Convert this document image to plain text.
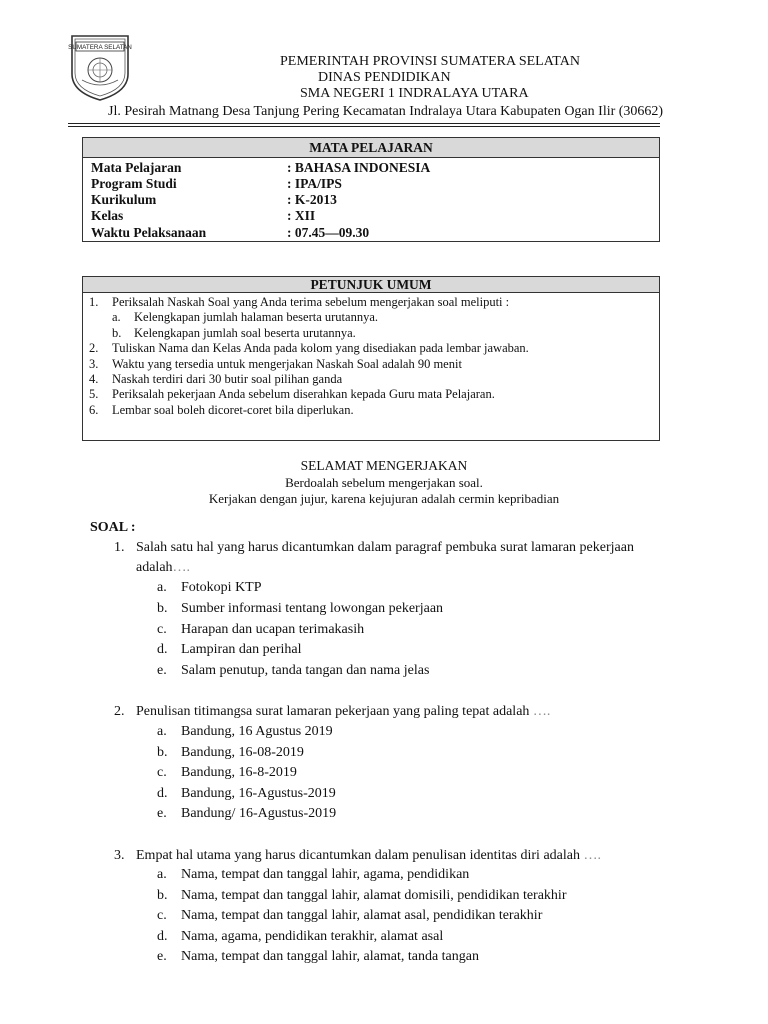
SUMATERA SELATAN
PEMERINTAH PROVINSI SUMATERA SELATAN
DINAS PENDIDIKAN
SMA NEGERI 1 INDRALAYA UTARA
Jl. Pesirah Matnang Desa Tanjung Pering Kecamatan Indralaya Utara Kabupaten Ogan Ilir (30662)
MATA PELAJARAN
Mata Pelajaran	: BAHASA INDONESIA
Program Studi	: IPA/IPS
Kurikulum	: K-2013
Kelas	: XII
Waktu Pelaksanaan	: 07.45—09.30
PETUNJUK UMUM
1. Periksalah Naskah Soal yang Anda terima sebelum mengerjakan soal meliputi :
a. Kelengkapan jumlah halaman beserta urutannya.
b. Kelengkapan jumlah soal beserta urutannya.
2. Tuliskan Nama dan Kelas Anda pada kolom yang disediakan pada lembar jawaban.
3. Waktu yang tersedia untuk mengerjakan Naskah Soal adalah 90 menit
4. Naskah terdiri dari 30 butir soal pilihan ganda
5. Periksalah pekerjaan Anda sebelum diserahkan kepada Guru mata Pelajaran.
6. Lembar soal boleh dicoret-coret bila diperlukan.
SELAMAT MENGERJAKAN
Berdoalah sebelum mengerjakan soal.
Kerjakan dengan jujur, karena kejujuran adalah cermin kepribadian
SOAL :
1. Salah satu hal yang harus dicantumkan dalam paragraf pembuka surat lamaran pekerjaan
adalah….
a. Fotokopi KTP
b. Sumber informasi tentang lowongan pekerjaan
c. Harapan dan ucapan terimakasih
d. Lampiran dan perihal
e. Salam penutup, tanda tangan dan nama jelas
2. Penulisan titimangsa surat lamaran pekerjaan yang paling tepat adalah ….
a. Bandung, 16 Agustus 2019
b. Bandung, 16-08-2019
c. Bandung, 16-8-2019
d. Bandung, 16-Agustus-2019
e. Bandung/ 16-Agustus-2019
3. Empat hal utama yang harus dicantumkan dalam penulisan identitas diri adalah ….
a. Nama, tempat dan tanggal lahir, agama, pendidikan
b. Nama, tempat dan tanggal lahir, alamat domisili, pendidikan terakhir
c. Nama, tempat dan tanggal lahir, alamat asal, pendidikan terakhir
d. Nama, agama, pendidikan terakhir, alamat asal
e. Nama, tempat dan tanggal lahir, alamat, tanda tangan
